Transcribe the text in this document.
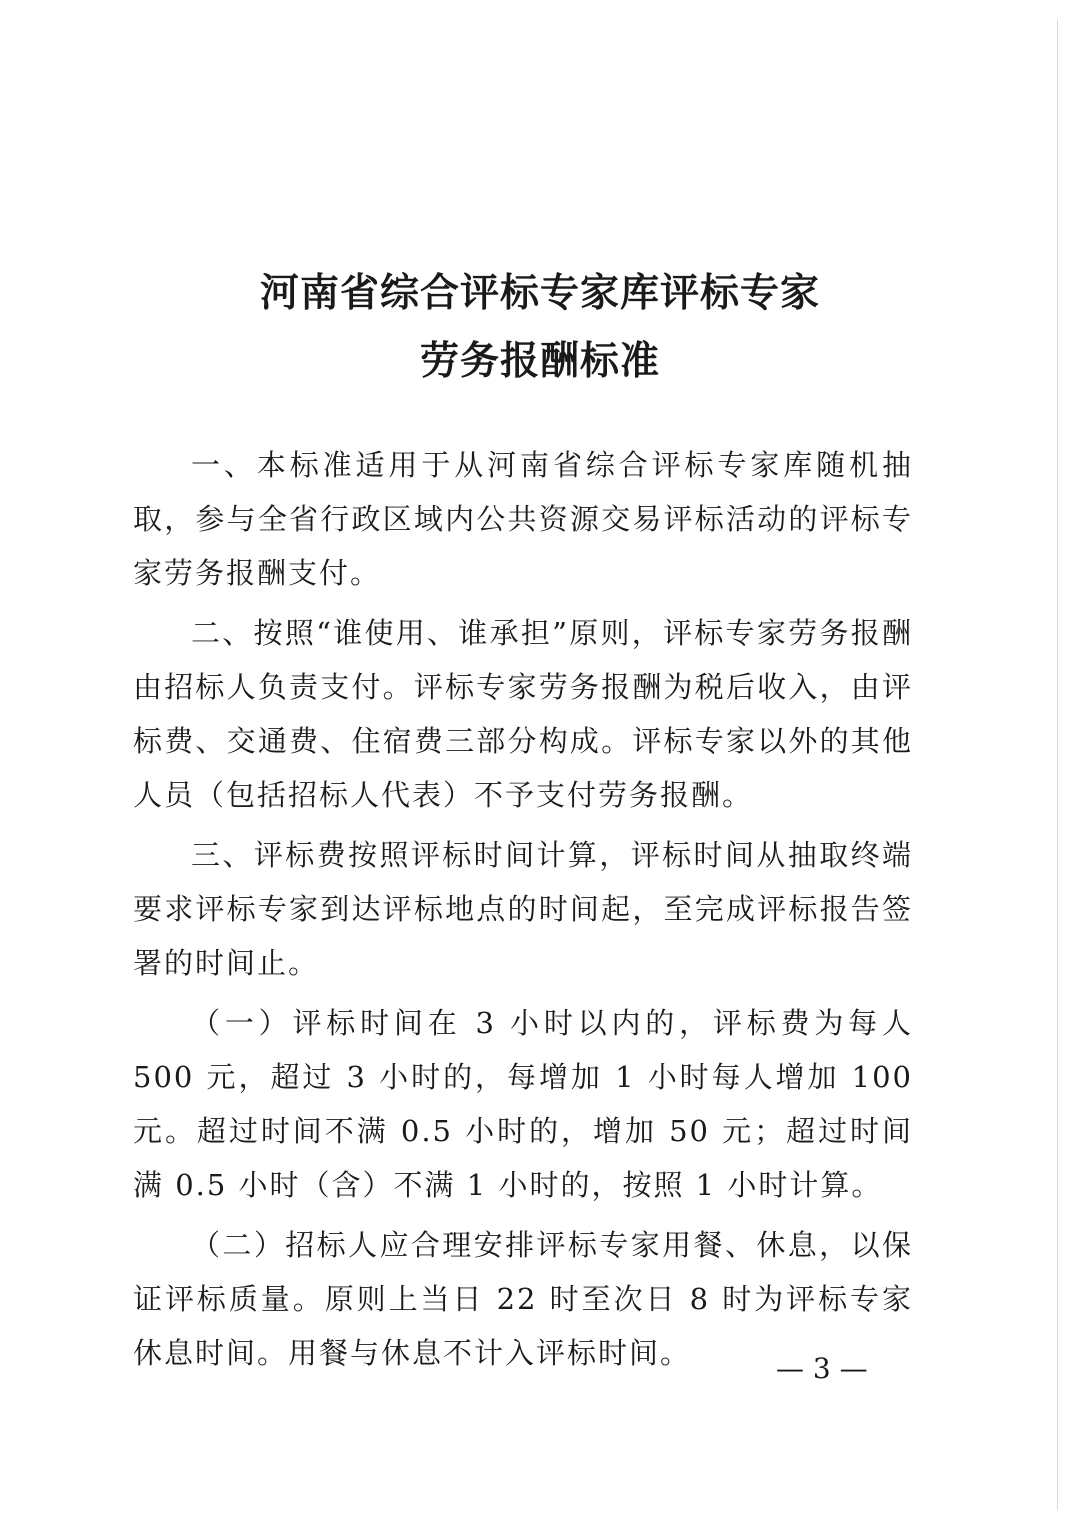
河南省综合评标专家库评标专家
劳务报酬标准

一、本标准适用于从河南省综合评标专家库随机抽取，参与全省行政区域内公共资源交易评标活动的评标专家劳务报酬支付。

二、按照“谁使用、谁承担”原则，评标专家劳务报酬由招标人负责支付。评标专家劳务报酬为税后收入，由评标费、交通费、住宿费三部分构成。评标专家以外的其他人员（包括招标人代表）不予支付劳务报酬。

三、评标费按照评标时间计算，评标时间从抽取终端要求评标专家到达评标地点的时间起，至完成评标报告签署的时间止。

（一）评标时间在 3 小时以内的，评标费为每人 500 元，超过 3 小时的，每增加 1 小时每人增加 100 元。超过时间不满 0.5 小时的，增加 50 元；超过时间满 0.5 小时（含）不满 1 小时的，按照 1 小时计算。

（二）招标人应合理安排评标专家用餐、休息，以保证评标质量。原则上当日 22 时至次日 8 时为评标专家休息时间。用餐与休息不计入评标时间。	— 3 —
